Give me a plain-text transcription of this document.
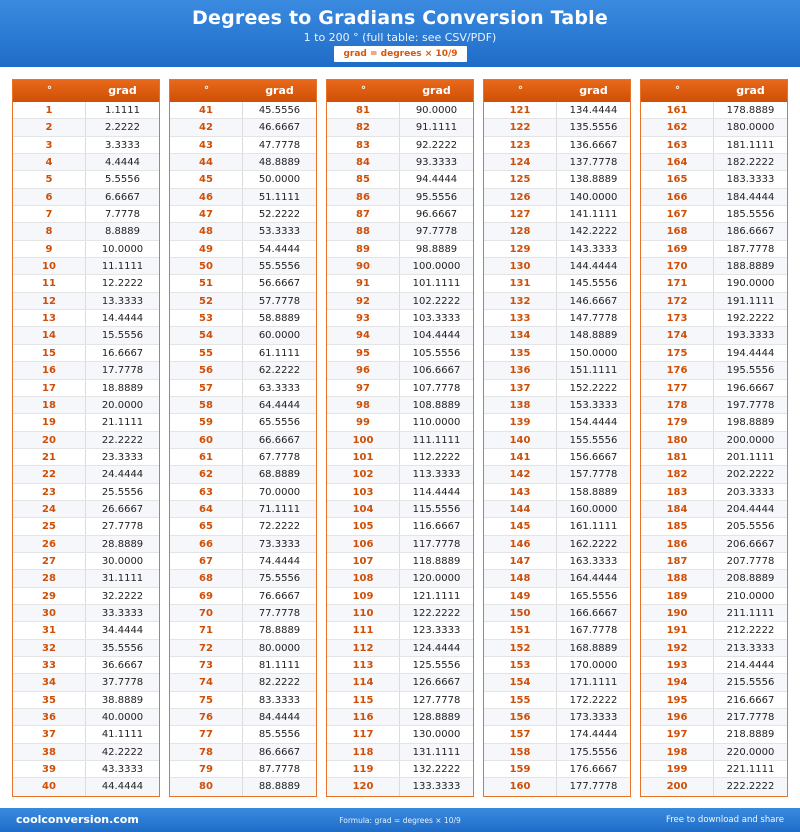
Degrees to Gradians Conversion Table
1 to 200 ° (full table: see CSV/PDF)
grad = degrees × 10/9
°	grad
1	1.1111
2	2.2222
3	3.3333
4	4.4444
5	5.5556
6	6.6667
7	7.7778
8	8.8889
9	10.0000
10	11.1111
11	12.2222
12	13.3333
13	14.4444
14	15.5556
15	16.6667
16	17.7778
17	18.8889
18	20.0000
19	21.1111
20	22.2222
21	23.3333
22	24.4444
23	25.5556
24	26.6667
25	27.7778
26	28.8889
27	30.0000
28	31.1111
29	32.2222
30	33.3333
31	34.4444
32	35.5556
33	36.6667
34	37.7778
35	38.8889
36	40.0000
37	41.1111
38	42.2222
39	43.3333
40	44.4444
°	grad
41	45.5556
42	46.6667
43	47.7778
44	48.8889
45	50.0000
46	51.1111
47	52.2222
48	53.3333
49	54.4444
50	55.5556
51	56.6667
52	57.7778
53	58.8889
54	60.0000
55	61.1111
56	62.2222
57	63.3333
58	64.4444
59	65.5556
60	66.6667
61	67.7778
62	68.8889
63	70.0000
64	71.1111
65	72.2222
66	73.3333
67	74.4444
68	75.5556
69	76.6667
70	77.7778
71	78.8889
72	80.0000
73	81.1111
74	82.2222
75	83.3333
76	84.4444
77	85.5556
78	86.6667
79	87.7778
80	88.8889
°	grad
81	90.0000
82	91.1111
83	92.2222
84	93.3333
85	94.4444
86	95.5556
87	96.6667
88	97.7778
89	98.8889
90	100.0000
91	101.1111
92	102.2222
93	103.3333
94	104.4444
95	105.5556
96	106.6667
97	107.7778
98	108.8889
99	110.0000
100	111.1111
101	112.2222
102	113.3333
103	114.4444
104	115.5556
105	116.6667
106	117.7778
107	118.8889
108	120.0000
109	121.1111
110	122.2222
111	123.3333
112	124.4444
113	125.5556
114	126.6667
115	127.7778
116	128.8889
117	130.0000
118	131.1111
119	132.2222
120	133.3333
°	grad
121	134.4444
122	135.5556
123	136.6667
124	137.7778
125	138.8889
126	140.0000
127	141.1111
128	142.2222
129	143.3333
130	144.4444
131	145.5556
132	146.6667
133	147.7778
134	148.8889
135	150.0000
136	151.1111
137	152.2222
138	153.3333
139	154.4444
140	155.5556
141	156.6667
142	157.7778
143	158.8889
144	160.0000
145	161.1111
146	162.2222
147	163.3333
148	164.4444
149	165.5556
150	166.6667
151	167.7778
152	168.8889
153	170.0000
154	171.1111
155	172.2222
156	173.3333
157	174.4444
158	175.5556
159	176.6667
160	177.7778
°	grad
161	178.8889
162	180.0000
163	181.1111
164	182.2222
165	183.3333
166	184.4444
167	185.5556
168	186.6667
169	187.7778
170	188.8889
171	190.0000
172	191.1111
173	192.2222
174	193.3333
175	194.4444
176	195.5556
177	196.6667
178	197.7778
179	198.8889
180	200.0000
181	201.1111
182	202.2222
183	203.3333
184	204.4444
185	205.5556
186	206.6667
187	207.7778
188	208.8889
189	210.0000
190	211.1111
191	212.2222
192	213.3333
193	214.4444
194	215.5556
195	216.6667
196	217.7778
197	218.8889
198	220.0000
199	221.1111
200	222.2222
coolconversion.com	Formula: grad = degrees × 10/9	Free to download and share
